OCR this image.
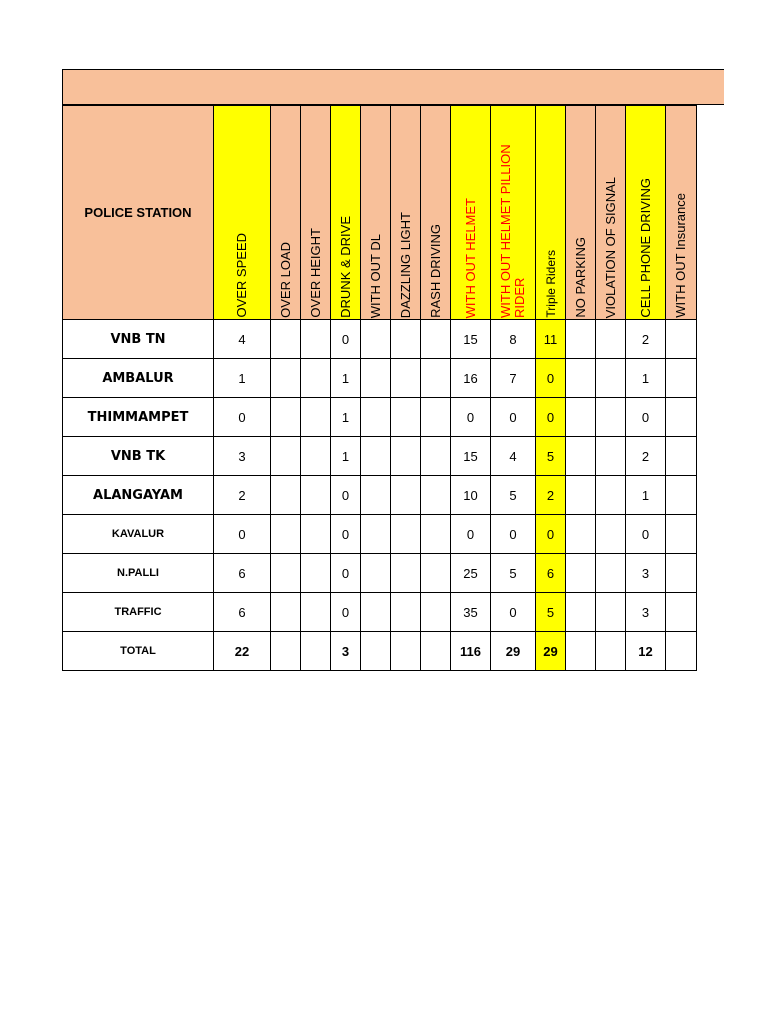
POLICE STATION	OVER SPEED	OVER LOAD	OVER HEIGHT	DRUNK & DRIVE	WITH OUT DL	DAZZLING LIGHT	RASH DRIVING	WITH OUT HELMET	WITH OUT HELMET PILLION RIDER	Triple Riders	NO PARKING	VIOLATION OF SIGNAL	CELL PHONE DRIVING	WITH OUT Insurance

VNB TN	4			0				15	8	11			2	
AMBALUR	1			1				16	7	0			1	
THIMMAMPET	0			1				0	0	0			0	
VNB TK	3			1				15	4	5			2	
ALANGAYAM	2			0				10	5	2			1	
KAVALUR	0			0				0	0	0			0	
N.PALLI	6			0				25	5	6			3	
TRAFFIC	6			0				35	0	5			3	
TOTAL	22			3				116	29	29			12	
